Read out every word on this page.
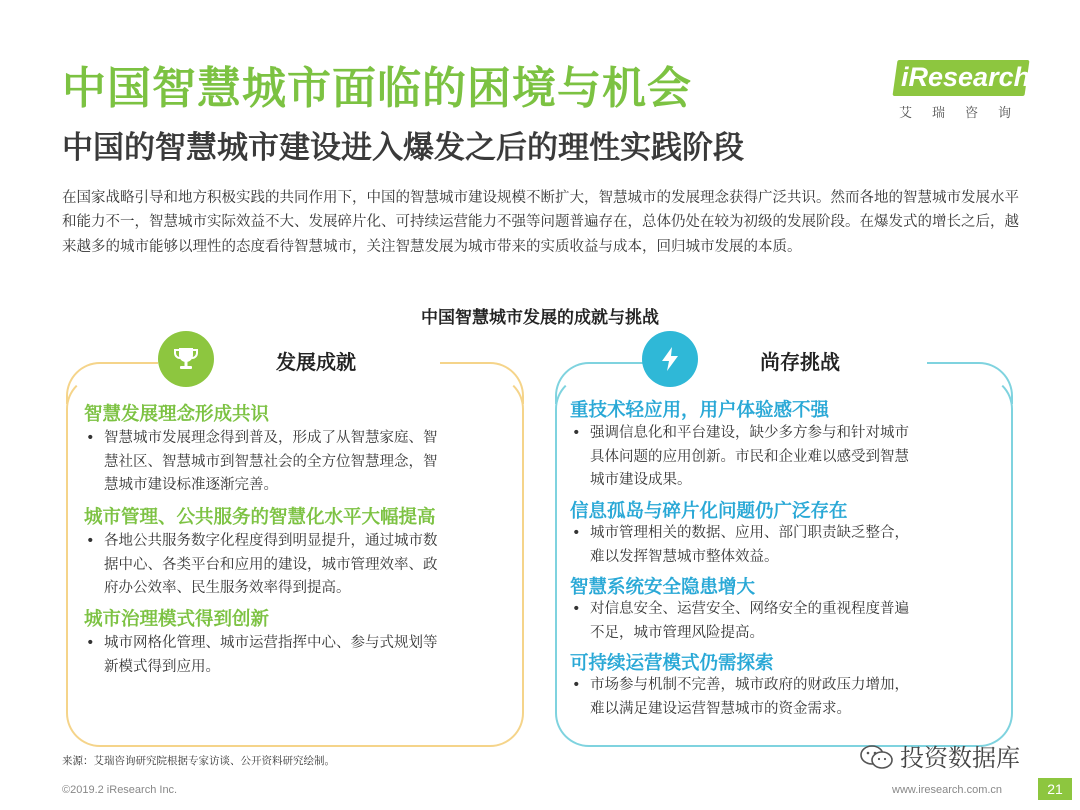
中国智慧城市面临的困境与机会
中国的智慧城市建设进入爆发之后的理性实践阶段
iResearch
艾瑞咨询
在国家战略引导和地方积极实践的共同作用下，中国的智慧城市建设规模不断扩大，智慧城市的发展理念获得广泛共识。然而各地的智慧城市发展水平和能力不一，智慧城市实际效益不大、发展碎片化、可持续运营能力不强等问题普遍存在，总体仍处在较为初级的发展阶段。在爆发式的增长之后，越来越多的城市能够以理性的态度看待智慧城市，关注智慧发展为城市带来的实质收益与成本，回归城市发展的本质。
中国智慧城市发展的成就与挑战
发展成就
智慧发展理念形成共识
• 智慧城市发展理念得到普及，形成了从智慧家庭、智
慧社区、智慧城市到智慧社会的全方位智慧理念，智
慧城市建设标准逐渐完善。
城市管理、公共服务的智慧化水平大幅提高
• 各地公共服务数字化程度得到明显提升，通过城市数
据中心、各类平台和应用的建设，城市管理效率、政
府办公效率、民生服务效率得到提高。
城市治理模式得到创新
• 城市网格化管理、城市运营指挥中心、参与式规划等
新模式得到应用。
尚存挑战
重技术轻应用，用户体验感不强
• 强调信息化和平台建设，缺少多方参与和针对城市
具体问题的应用创新。市民和企业难以感受到智慧
城市建设成果。
信息孤岛与碎片化问题仍广泛存在
• 城市管理相关的数据、应用、部门职责缺乏整合，
难以发挥智慧城市整体效益。
智慧系统安全隐患增大
• 对信息安全、运营安全、网络安全的重视程度普遍
不足，城市管理风险提高。
可持续运营模式仍需探索
• 市场参与机制不完善，城市政府的财政压力增加，
难以满足建设运营智慧城市的资金需求。
来源：艾瑞咨询研究院根据专家访谈、公开资料研究绘制。
©2019.2 iResearch Inc.	www.iresearch.com.cn	21
投资数据库
